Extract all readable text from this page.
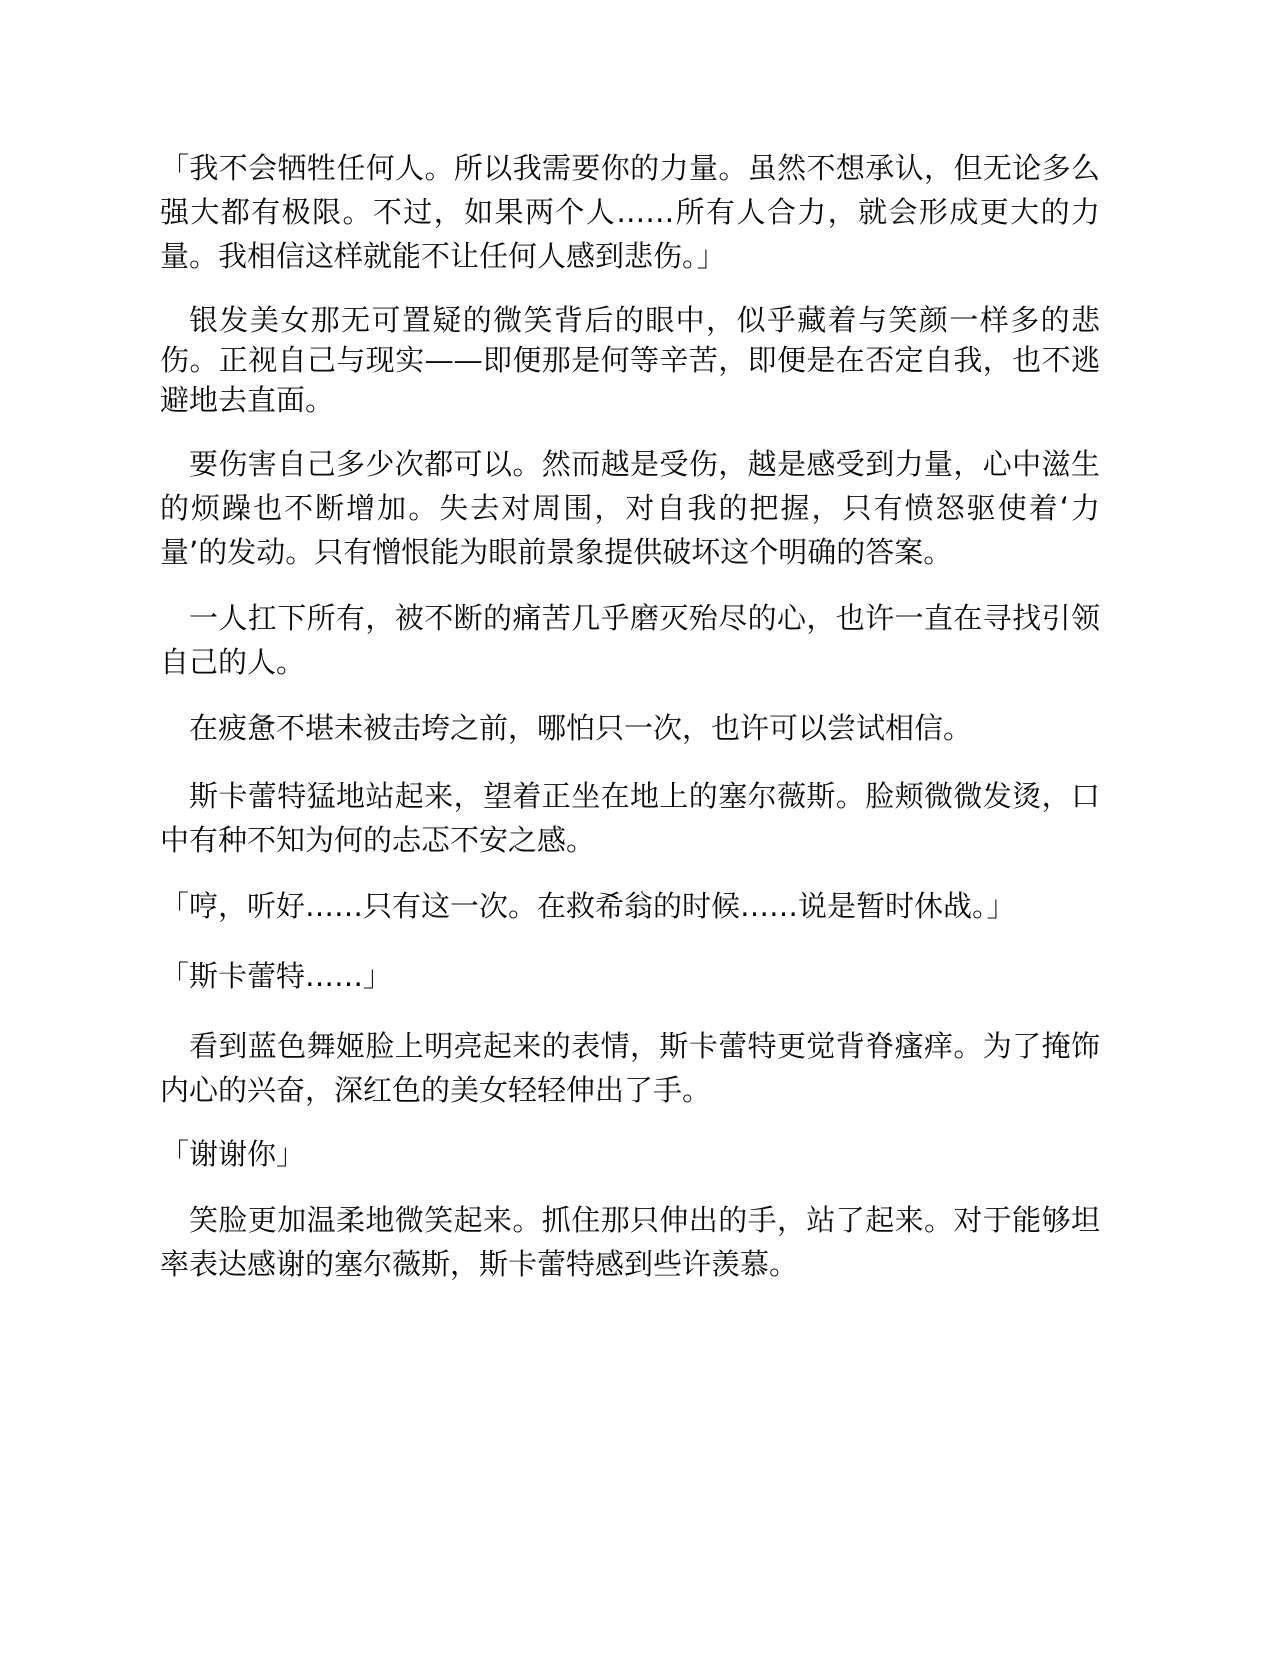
「我不会牺牲任何人。所以我需要你的力量。虽然不想承认，但无论多么强大都有极限。不过，如果两个人……所有人合力，就会形成更大的力量。我相信这样就能不让任何人感到悲伤。」

银发美女那无可置疑的微笑背后的眼中，似乎藏着与笑颜一样多的悲伤。正视自己与现实——即便那是何等辛苦，即便是在否定自我，也不逃避地去直面。

要伤害自己多少次都可以。然而越是受伤，越是感受到力量，心中滋生的烦躁也不断增加。失去对周围，对自我的把握，只有愤怒驱使着‘力量’的发动。只有憎恨能为眼前景象提供破坏这个明确的答案。

一人扛下所有，被不断的痛苦几乎磨灭殆尽的心，也许一直在寻找引领自己的人。

在疲惫不堪未被击垮之前，哪怕只一次，也许可以尝试相信。

斯卡蕾特猛地站起来，望着正坐在地上的塞尔薇斯。脸颊微微发烫，口中有种不知为何的忐忑不安之感。

「哼，听好……只有这一次。在救希翁的时候……说是暂时休战。」

「斯卡蕾特……」

看到蓝色舞姬脸上明亮起来的表情，斯卡蕾特更觉背脊瘙痒。为了掩饰内心的兴奋，深红色的美女轻轻伸出了手。

「谢谢你」

笑脸更加温柔地微笑起来。抓住那只伸出的手，站了起来。对于能够坦率表达感谢的塞尔薇斯，斯卡蕾特感到些许羡慕。
